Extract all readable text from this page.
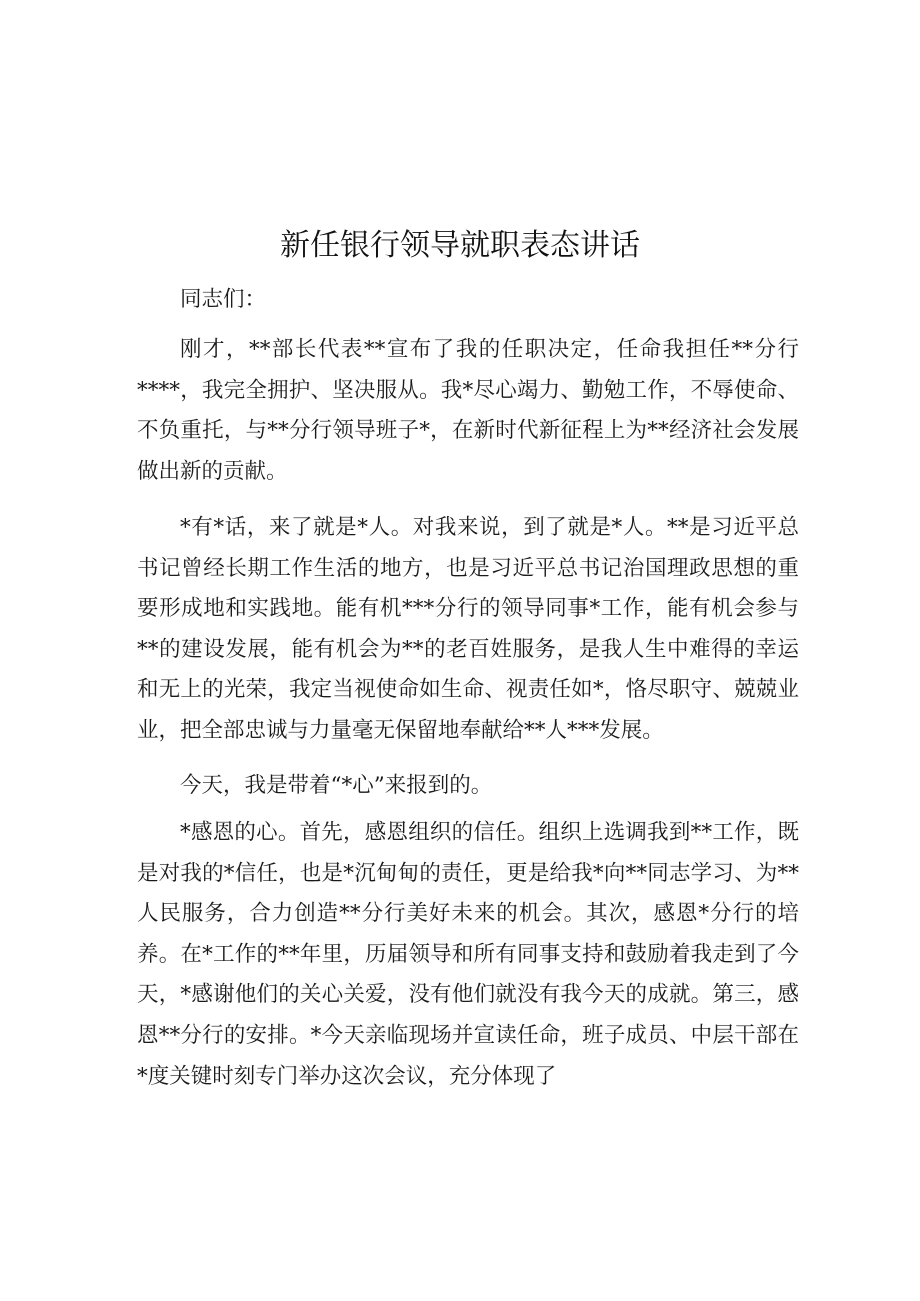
新任银行领导就职表态讲话
同志们：

刚才，**部长代表**宣布了我的任职决定，任命我担任**分行****，我完全拥护、坚决服从。我*尽心竭力、勤勉工作，不辱使命、不负重托，与**分行领导班子*，在新时代新征程上为**经济社会发展做出新的贡献。

*有*话，来了就是*人。对我来说，到了就是*人。**是习近平总书记曾经长期工作生活的地方，也是习近平总书记治国理政思想的重要形成地和实践地。能有机***分行的领导同事*工作，能有机会参与**的建设发展，能有机会为**的老百姓服务，是我人生中难得的幸运和无上的光荣，我定当视使命如生命、视责任如*，恪尽职守、兢兢业业，把全部忠诚与力量毫无保留地奉献给**人***发展。

今天，我是带着“*心”来报到的。

*感恩的心。首先，感恩组织的信任。组织上选调我到**工作，既是对我的*信任，也是*沉甸甸的责任，更是给我*向**同志学习、为**人民服务，合力创造**分行美好未来的机会。其次，感恩*分行的培养。在*工作的**年里，历届领导和所有同事支持和鼓励着我走到了今天，*感谢他们的关心关爱，没有他们就没有我今天的成就。第三，感恩**分行的安排。*今天亲临现场并宣读任命，班子成员、中层干部在*度关键时刻专门举办这次会议，充分体现了
